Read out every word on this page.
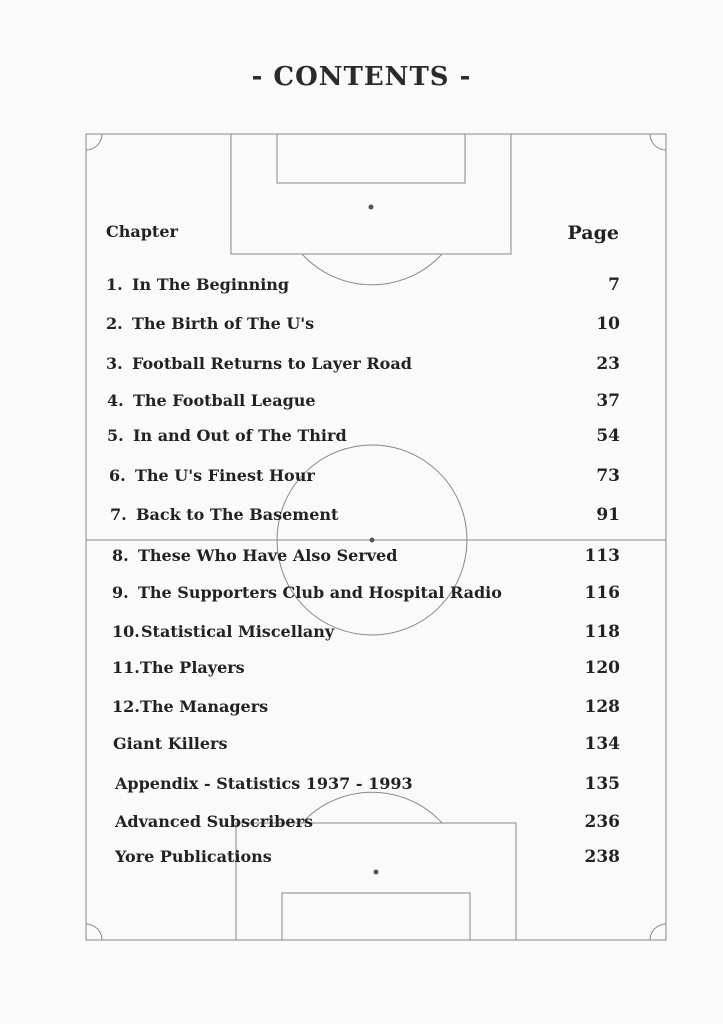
- CONTENTS -
Chapter	Page
1. In The Beginning	7
2. The Birth of The U's	10
3. Football Returns to Layer Road	23
4. The Football League	37
5. In and Out of The Third	54
6. The U's Finest Hour	73
7. Back to The Basement	91
8. These Who Have Also Served	113
9. The Supporters Club and Hospital Radio	116
10. Statistical Miscellany	118
11. The Players	120
12. The Managers	128
Giant Killers	134
Appendix - Statistics 1937 - 1993	135
Advanced Subscribers	236
Yore Publications	238
